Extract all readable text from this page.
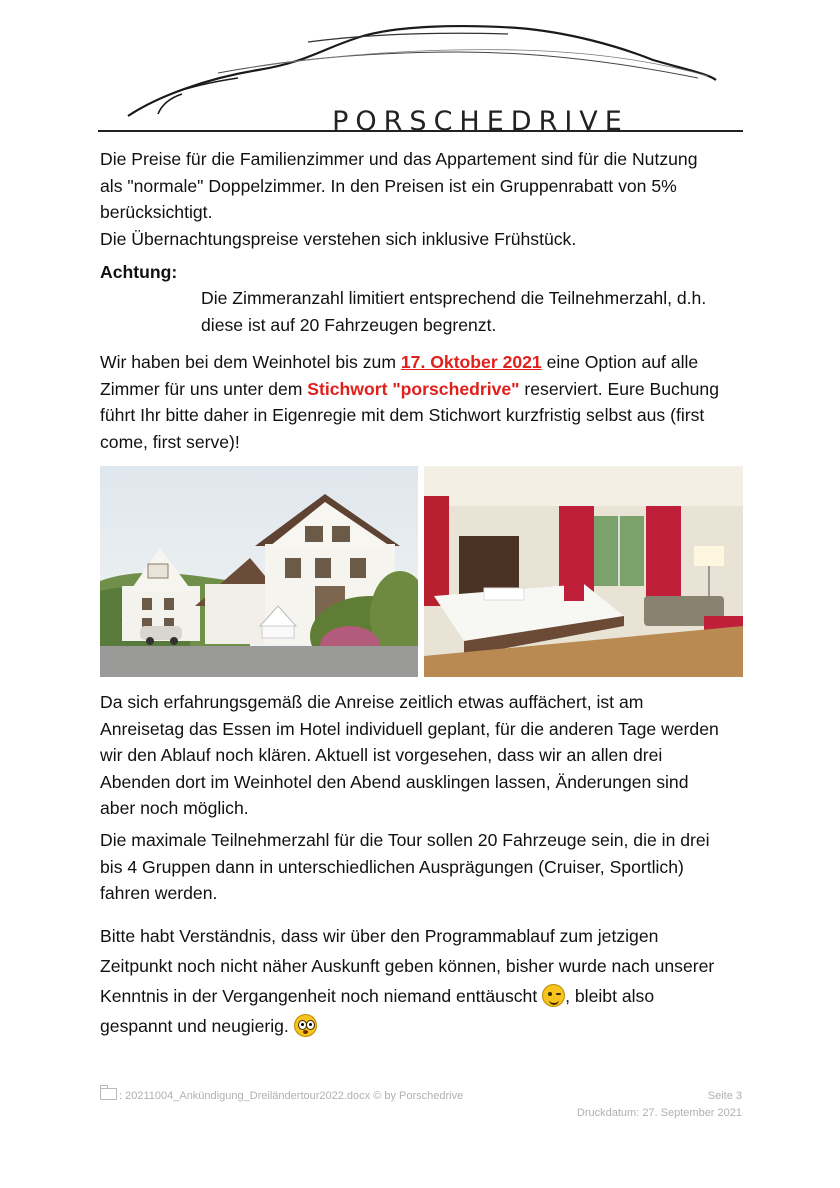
PORSCHEDRIVE
Die Preise für die Familienzimmer und das Appartement sind für die Nutzung
als "normale" Doppelzimmer. In den Preisen ist ein Gruppenrabatt von 5%
berücksichtigt.
Die Übernachtungspreise verstehen sich inklusive Frühstück.
Achtung:
Die Zimmeranzahl limitiert entsprechend die Teilnehmerzahl, d.h.
diese ist auf 20 Fahrzeugen begrenzt.
Wir haben bei dem Weinhotel bis zum 17. Oktober 2021 eine Option auf alle
Zimmer für uns unter dem Stichwort "porschedrive" reserviert. Eure Buchung
führt Ihr bitte daher in Eigenregie mit dem Stichwort kurzfristig selbst aus (first
come, first serve)!
Da sich erfahrungsgemäß die Anreise zeitlich etwas auffächert, ist am
Anreisetag das Essen im Hotel individuell geplant, für die anderen Tage werden
wir den Ablauf noch klären. Aktuell ist vorgesehen, dass wir an allen drei
Abenden dort im Weinhotel den Abend ausklingen lassen, Änderungen sind
aber noch möglich.
Die maximale Teilnehmerzahl für die Tour sollen 20 Fahrzeuge sein, die in drei
bis 4 Gruppen dann in unterschiedlichen Ausprägungen (Cruiser, Sportlich)
fahren werden.
Bitte habt Verständnis, dass wir über den Programmablauf zum jetzigen
Zeitpunkt noch nicht näher Auskunft geben können, bisher wurde nach unserer
Kenntnis in der Vergangenheit noch niemand enttäuscht
, bleibt also
gespannt und neugierig.
: 20211004_Ankündigung_Dreiländertour2022.docx © by Porschedrive	Seite 3
Druckdatum: 27. September 2021
